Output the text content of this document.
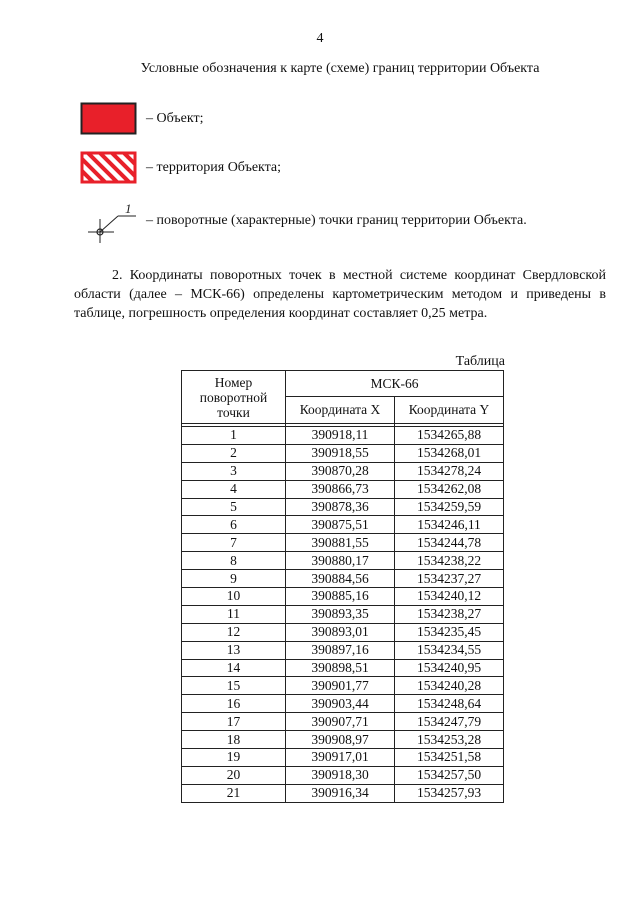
4
Условные обозначения к карте (схеме) границ территории Объекта
– Объект;
– территория Объекта;
1
– поворотные (характерные) точки границ территории Объекта.
2. Координаты поворотных точек в местной системе координат Свердловской области (далее – МСК-66) определены картометрическим методом и приведены в таблице, погрешность определения координат составляет 0,25 метра.
Таблица
Номер поворотной точки	МСК-66	
	Координата X	Координата Y

1	390918,11	1534265,88
2	390918,55	1534268,01
3	390870,28	1534278,24
4	390866,73	1534262,08
5	390878,36	1534259,59
6	390875,51	1534246,11
7	390881,55	1534244,78
8	390880,17	1534238,22
9	390884,56	1534237,27
10	390885,16	1534240,12
11	390893,35	1534238,27
12	390893,01	1534235,45
13	390897,16	1534234,55
14	390898,51	1534240,95
15	390901,77	1534240,28
16	390903,44	1534248,64
17	390907,71	1534247,79
18	390908,97	1534253,28
19	390917,01	1534251,58
20	390918,30	1534257,50
21	390916,34	1534257,93
